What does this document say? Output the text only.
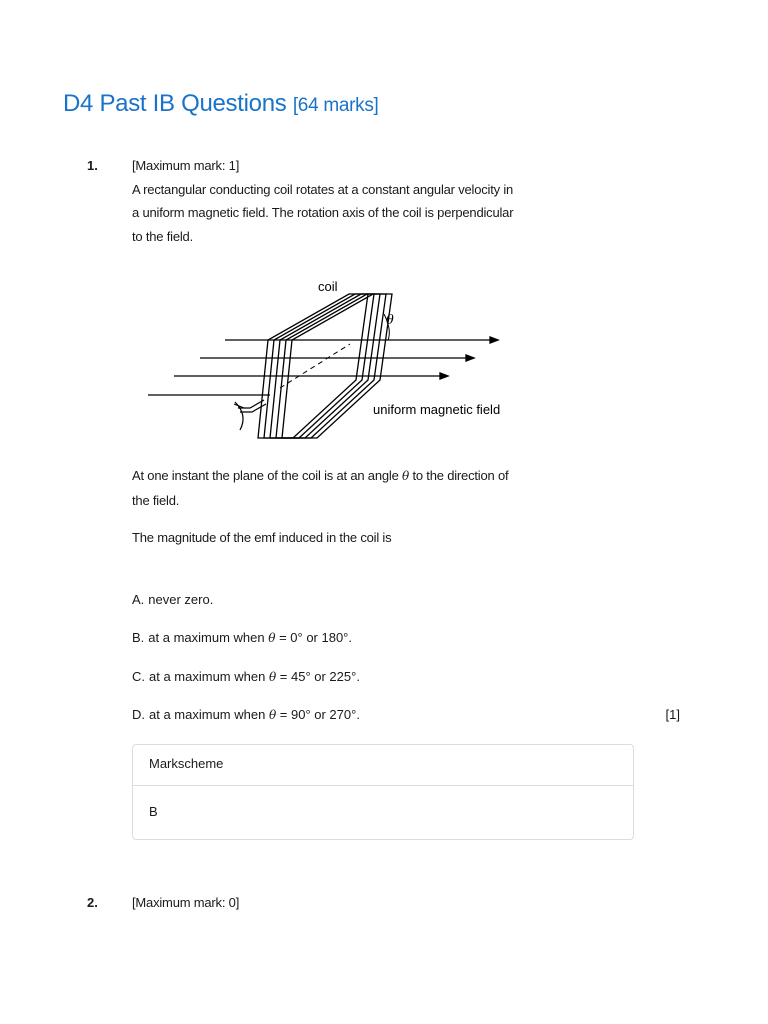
D4 Past IB Questions [64 marks]
1.	[Maximum mark: 1]
A rectangular conducting coil rotates at a constant angular velocity in
a uniform magnetic field. The rotation axis of the coil is perpendicular
to the field.
coil
θ
uniform magnetic field
At one instant the plane of the coil is at an angle θ to the direction of
the field.
The magnitude of the emf induced in the coil is
A. never zero.
B. at a maximum when θ = 0° or 180°.
C. at a maximum when θ = 45° or 225°.
D. at a maximum when θ = 90° or 270°.	[1]
Markscheme
B
2.	[Maximum mark: 0]
